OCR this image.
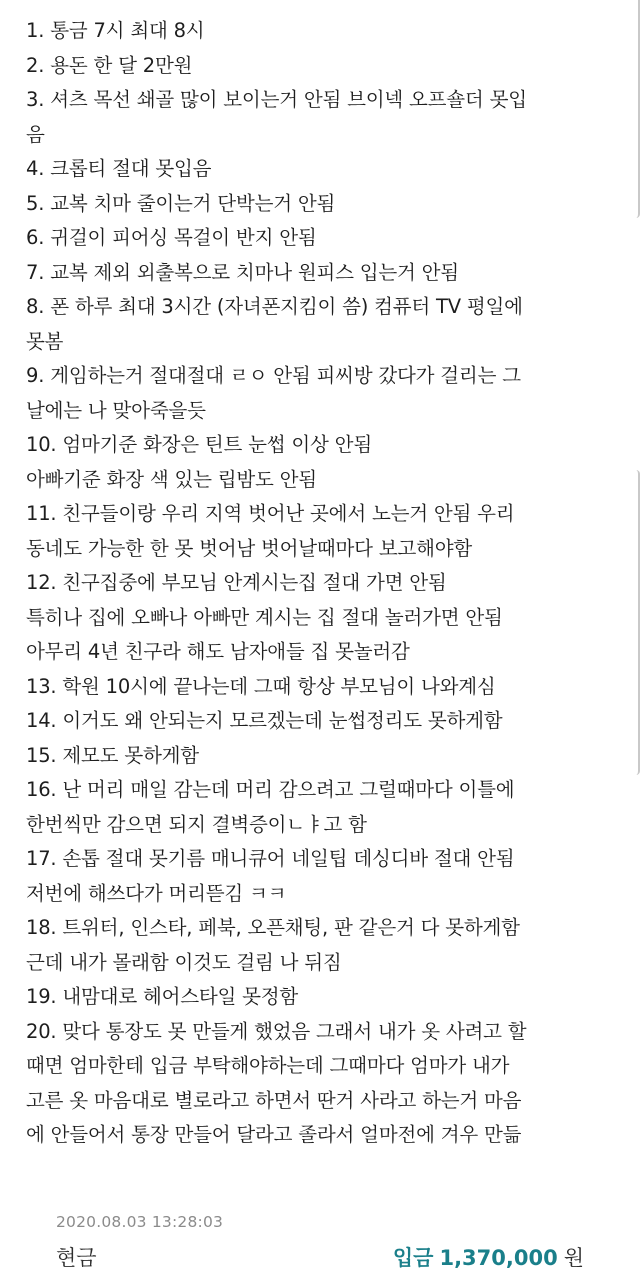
1. 통금 7시 최대 8시
2. 용돈 한 달 2만원
3. 셔츠 목선 쇄골 많이 보이는거 안됨 브이넥 오프숄더 못입
음
4. 크롭티 절대 못입음
5. 교복 치마 줄이는거 단박는거 안됨
6. 귀걸이 피어싱 목걸이 반지 안됨
7. 교복 제외 외출복으로 치마나 원피스 입는거 안됨
8. 폰 하루 최대 3시간 (자녀폰지킴이 씀) 컴퓨터 TV 평일에
못봄
9. 게임하는거 절대절대 ㄹㅇ 안됨 피씨방 갔다가 걸리는 그
날에는 나 맞아죽을듯
10. 엄마기준 화장은 틴트 눈썹 이상 안됨
아빠기준 화장 색 있는 립밤도 안됨
11. 친구들이랑 우리 지역 벗어난 곳에서 노는거 안됨 우리
동네도 가능한 한 못 벗어남 벗어날때마다 보고해야함
12. 친구집중에 부모님 안계시는집 절대 가면 안됨
특히나 집에 오빠나 아빠만 계시는 집 절대 놀러가면 안됨
아무리 4년 친구라 해도 남자애들 집 못놀러감
13. 학원 10시에 끝나는데 그때 항상 부모님이 나와계심
14. 이거도 왜 안되는지 모르겠는데 눈썹정리도 못하게함
15. 제모도 못하게함
16. 난 머리 매일 감는데 머리 감으려고 그럴때마다 이틀에
한번씩만 감으면 되지 결벽증이ㄴㅑ고 함
17. 손톱 절대 못기름 매니큐어 네일팁 데싱디바 절대 안됨
저번에 해쓰다가 머리뜯김 ㅋㅋ
18. 트위터, 인스타, 페북, 오픈채팅, 판 같은거 다 못하게함
근데 내가 몰래함 이것도 걸림 나 뒤짐
19. 내맘대로 헤어스타일 못정함
20. 맞다 통장도 못 만들게 했었음 그래서 내가 옷 사려고 할
때면 엄마한테 입금 부탁해야하는데 그때마다 엄마가 내가
고른 옷 마음대로 별로라고 하면서 딴거 사라고 하는거 마음
에 안들어서 통장 만들어 달라고 졸라서 얼마전에 겨우 만듦
2020.08.03 13:28:03
현금	입금 1,370,000 원
